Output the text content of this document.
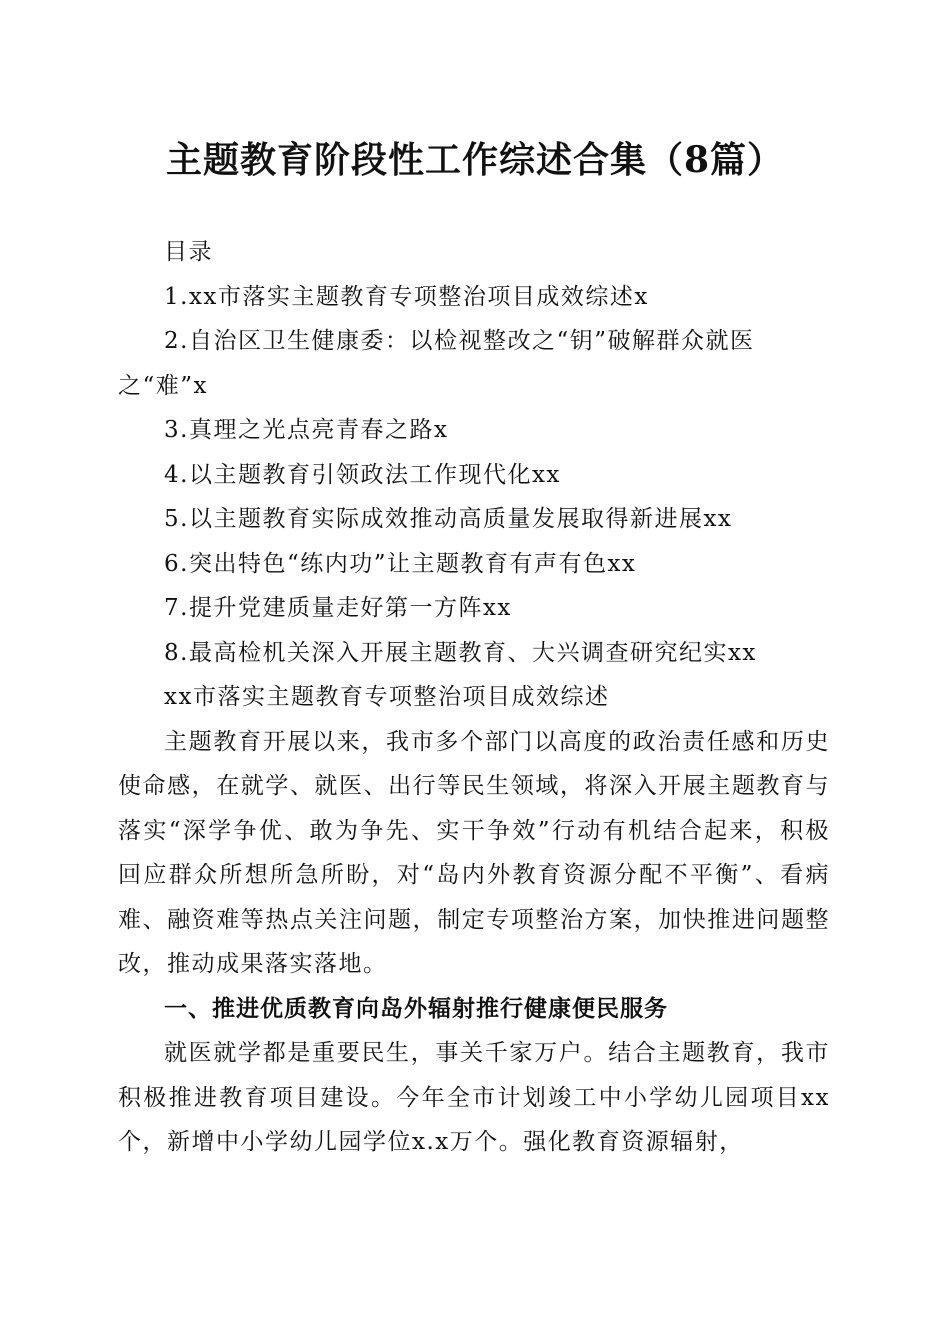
主题教育阶段性工作综述合集（8篇）

目录

1.xx市落实主题教育专项整治项目成效综述x

2.自治区卫生健康委：以检视整改之“钥”破解群众就医之“难”x

3.真理之光点亮青春之路x

4.以主题教育引领政法工作现代化xx

5.以主题教育实际成效推动高质量发展取得新进展xx

6.突出特色“练内功”让主题教育有声有色xx

7.提升党建质量走好第一方阵xx

8.最高检机关深入开展主题教育、大兴调查研究纪实xx

xx市落实主题教育专项整治项目成效综述

主题教育开展以来，我市多个部门以高度的政治责任感和历史使命感，在就学、就医、出行等民生领域，将深入开展主题教育与落实“深学争优、敢为争先、实干争效”行动有机结合起来，积极回应群众所想所急所盼，对“岛内外教育资源分配不平衡”、看病难、融资难等热点关注问题，制定专项整治方案，加快推进问题整改，推动成果落实落地。

一、推进优质教育向岛外辐射推行健康便民服务

就医就学都是重要民生，事关千家万户。结合主题教育，我市积极推进教育项目建设。今年全市计划竣工中小学幼儿园项目xx个，新增中小学幼儿园学位x.x万个。强化教育资源辐射，
